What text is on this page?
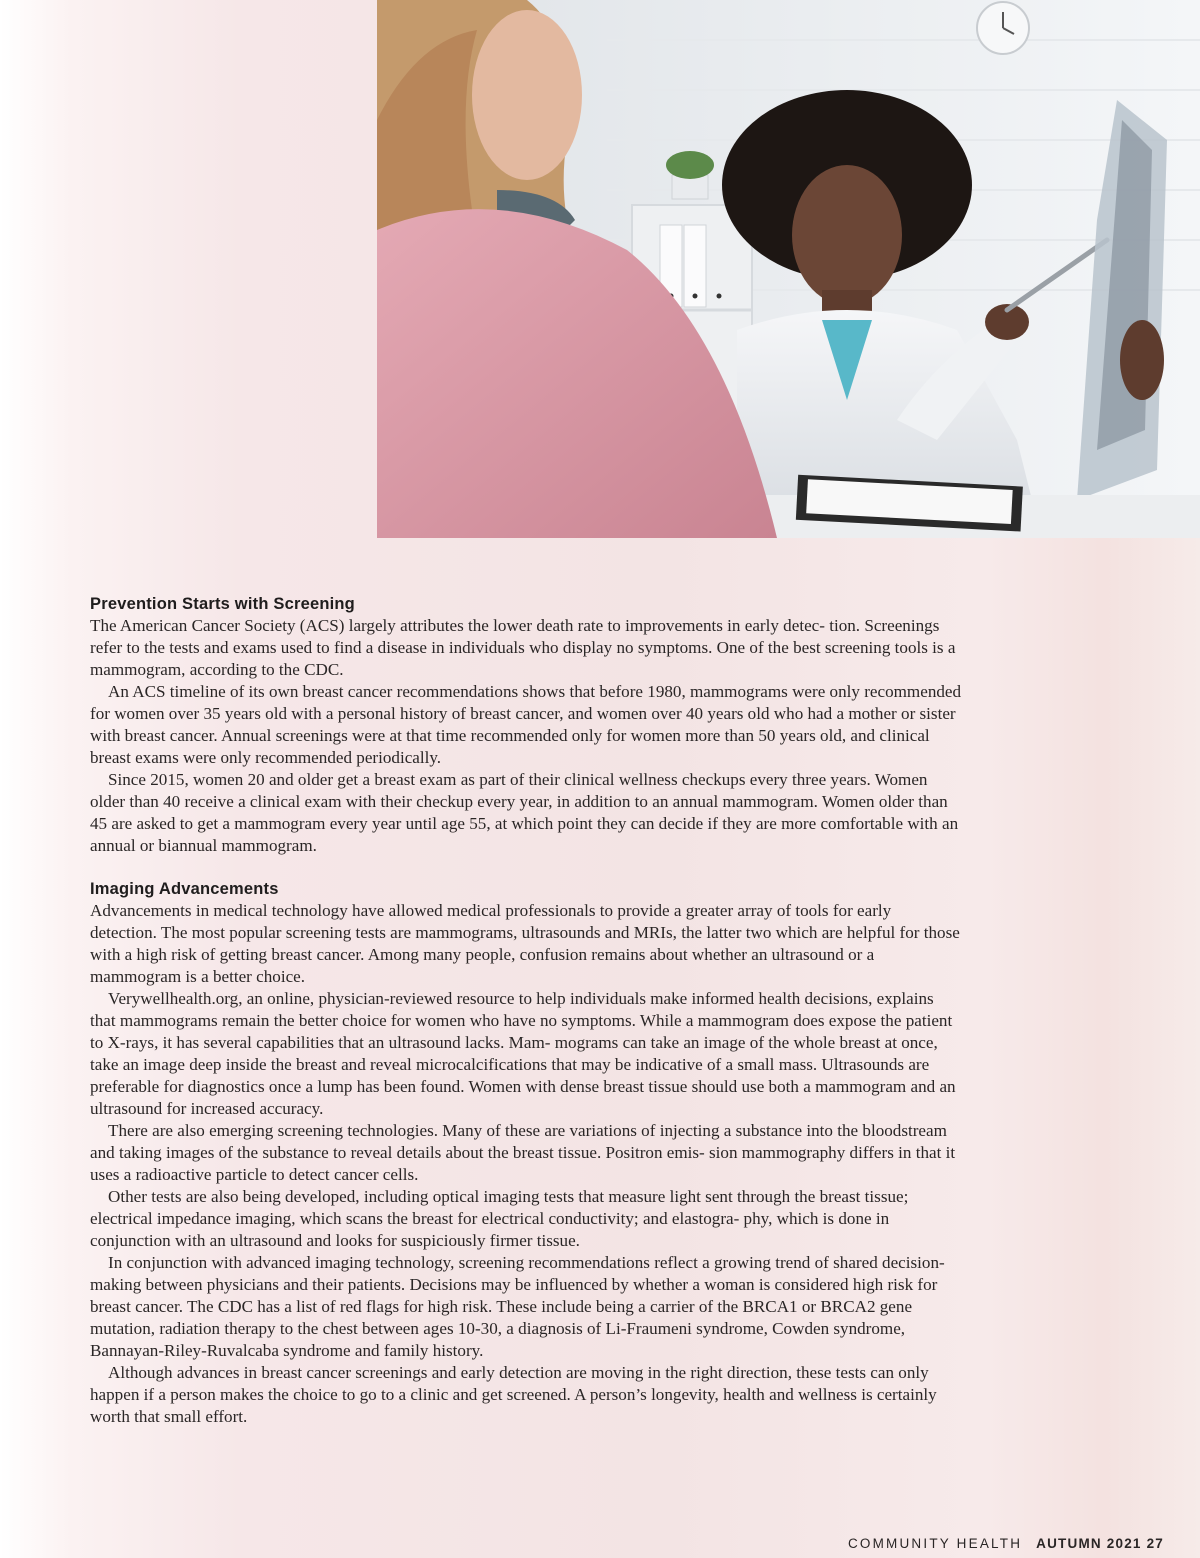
Prevention Starts with Screening

The American Cancer Society (ACS) largely attributes the lower death rate to improvements in early detec- tion. Screenings refer to the tests and exams used to find a disease in individuals who display no symptoms. One of the best screening tools is a mammogram, according to the CDC.

An ACS timeline of its own breast cancer recommendations shows that before 1980, mammograms were only recommended for women over 35 years old with a personal history of breast cancer, and women over 40 years old who had a mother or sister with breast cancer. Annual screenings were at that time recommended only for women more than 50 years old, and clinical breast exams were only recommended periodically.

Since 2015, women 20 and older get a breast exam as part of their clinical wellness checkups every three years. Women older than 40 receive a clinical exam with their checkup every year, in addition to an annual mammogram. Women older than 45 are asked to get a mammogram every year until age 55, at which point they can decide if they are more comfortable with an annual or biannual mammogram.

Imaging Advancements

Advancements in medical technology have allowed medical professionals to provide a greater array of tools for early detection. The most popular screening tests are mammograms, ultrasounds and MRIs, the latter two which are helpful for those with a high risk of getting breast cancer. Among many people, confusion remains about whether an ultrasound or a mammogram is a better choice.

Verywellhealth.org, an online, physician-reviewed resource to help individuals make informed health decisions, explains that mammograms remain the better choice for women who have no symptoms. While a mammogram does expose the patient to X-rays, it has several capabilities that an ultrasound lacks. Mam- mograms can take an image of the whole breast at once, take an image deep inside the breast and reveal microcalcifications that may be indicative of a small mass. Ultrasounds are preferable for diagnostics once a lump has been found. Women with dense breast tissue should use both a mammogram and an ultrasound for increased accuracy.

There are also emerging screening technologies. Many of these are variations of injecting a substance into the bloodstream and taking images of the substance to reveal details about the breast tissue. Positron emis- sion mammography differs in that it uses a radioactive particle to detect cancer cells.

Other tests are also being developed, including optical imaging tests that measure light sent through the breast tissue; electrical impedance imaging, which scans the breast for electrical conductivity; and elastogra- phy, which is done in conjunction with an ultrasound and looks for suspiciously firmer tissue.

In conjunction with advanced imaging technology, screening recommendations reflect a growing trend of shared decision-making between physicians and their patients. Decisions may be influenced by whether a woman is considered high risk for breast cancer. The CDC has a list of red flags for high risk. These include being a carrier of the BRCA1 or BRCA2 gene mutation, radiation therapy to the chest between ages 10-30, a diagnosis of Li-Fraumeni syndrome, Cowden syndrome, Bannayan-Riley-Ruvalcaba syndrome and family history.

Although advances in breast cancer screenings and early detection are moving in the right direction, these tests can only happen if a person makes the choice to go to a clinic and get screened. A person’s longevity, health and wellness is certainly worth that small effort.

COMMUNITY HEALTH AUTUMN 2021 27
